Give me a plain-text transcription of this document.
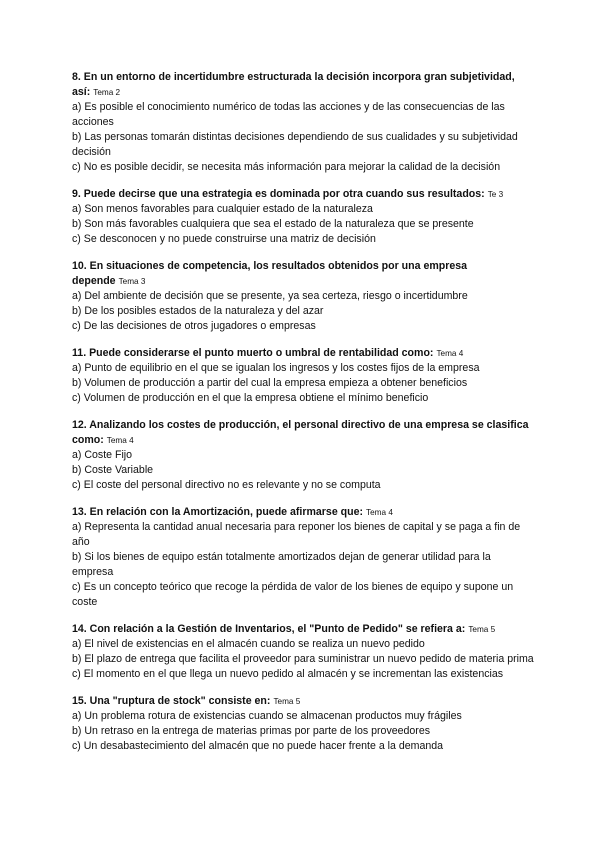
8. En un entorno de incertidumbre estructurada la decisión incorpora gran subjetividad, así: Tema 2

a) Es posible el conocimiento numérico de todas las acciones y de las consecuencias de las acciones

b) Las personas tomarán distintas decisiones dependiendo de sus cualidades y su subjetividad decisión

c) No es posible decidir, se necesita más información para mejorar la calidad de la decisión

9. Puede decirse que una estrategia es dominada por otra cuando sus resultados: Te 3

a) Son menos favorables para cualquier estado de la naturaleza

b) Son más favorables cualquiera que sea el estado de la naturaleza que se presente

c) Se desconocen y no puede construirse una matriz de decisión

10. En situaciones de competencia, los resultados obtenidos por una empresa depende Tema 3

a) Del ambiente de decisión que se presente, ya sea certeza, riesgo o incertidumbre

b) De los posibles estados de la naturaleza y del azar

c) De las decisiones de otros jugadores o empresas

11. Puede considerarse el punto muerto o umbral de rentabilidad como: Tema 4

a) Punto de equilibrio en el que se igualan los ingresos y los costes fijos de la empresa

b) Volumen de producción a partir del cual la empresa empieza a obtener beneficios

c) Volumen de producción en el que la empresa obtiene el mínimo beneficio

12. Analizando los costes de producción, el personal directivo de una empresa se clasifica como: Tema 4

a) Coste Fijo

b) Coste Variable

c) El coste del personal directivo no es relevante y no se computa

13. En relación con la Amortización, puede afirmarse que: Tema 4

a) Representa la cantidad anual necesaria para reponer los bienes de capital y se paga a fin de año

b) Si los bienes de equipo están totalmente amortizados dejan de generar utilidad para la empresa

c) Es un concepto teórico que recoge la pérdida de valor de los bienes de equipo y supone un coste

14. Con relación a la Gestión de Inventarios, el "Punto de Pedido" se refiera a: Tema 5

a) El nivel de existencias en el almacén cuando se realiza un nuevo pedido

b) El plazo de entrega que facilita el proveedor para suministrar un nuevo pedido de materia prima

c) El momento en el que llega un nuevo pedido al almacén y se incrementan las existencias

15. Una "ruptura de stock" consiste en: Tema 5

a) Un problema rotura de existencias cuando se almacenan productos muy frágiles

b) Un retraso en la entrega de materias primas por parte de los proveedores

c) Un desabastecimiento del almacén que no puede hacer frente a la demanda
